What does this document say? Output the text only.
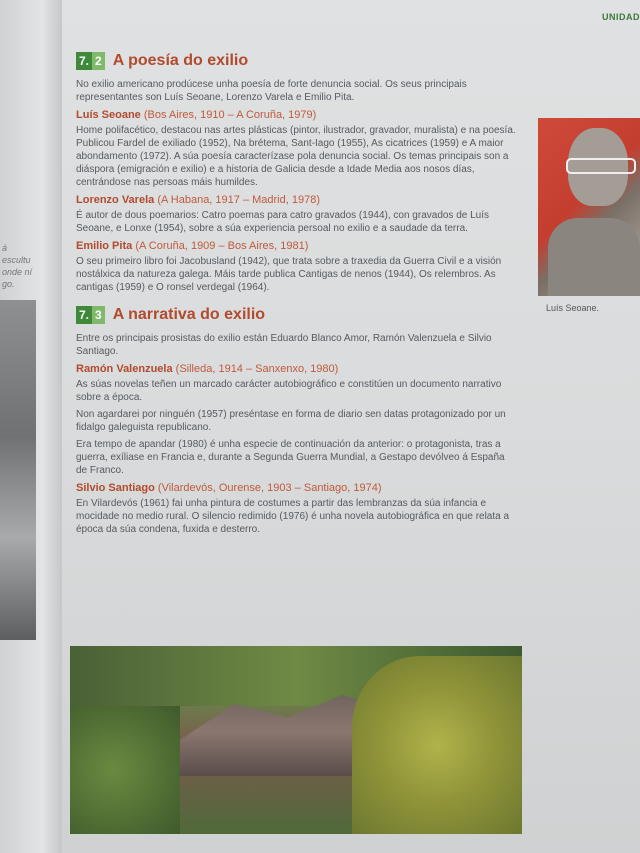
á
escultu
onde ní
go.
UNIDAD
7. 2 A poesía do exilio

No exilio americano prodúcese unha poesía de forte denuncia social. Os seus principais representantes son Luís Seoane, Lorenzo Varela e Emilio Pita.

Luís Seoane (Bos Aires, 1910 – A Coruña, 1979)

Home polifacético, destacou nas artes plásticas (pintor, ilustrador, gravador, muralista) e na poesía. Publicou Fardel de exiliado (1952), Na brétema, Sant-Iago (1955), As cicatrices (1959) e A maior abondamento (1972). A súa poesía caracterízase pola denuncia social. Os temas principais son a diáspora (emigración e exilio) e a historia de Galicia desde a Idade Media aos nosos días, centrándose nas persoas máis humildes.

Lorenzo Varela (A Habana, 1917 – Madrid, 1978)

É autor de dous poemarios: Catro poemas para catro gravados (1944), con gravados de Luís Seoane, e Lonxe (1954), sobre a súa experiencia persoal no exilio e a saudade da terra.

Emilio Pita (A Coruña, 1909 – Bos Aires, 1981)

O seu primeiro libro foi Jacobusland (1942), que trata sobre a traxedia da Guerra Civil e a visión nostálxica da natureza galega. Máis tarde publica Cantigas de nenos (1944), Os relembros. As cantigas (1959) e O ronsel verdegal (1964).

7. 3 A narrativa do exilio

Entre os principais prosistas do exilio están Eduardo Blanco Amor, Ramón Valenzuela e Silvio Santiago.

Ramón Valenzuela (Silleda, 1914 – Sanxenxo, 1980)

As súas novelas teñen un marcado carácter autobiográfico e constitúen un documento narrativo sobre a época.

Non agardarei por ninguén (1957) preséntase en forma de diario sen datas protagonizado por un fidalgo galeguista republicano.

Era tempo de apandar (1980) é unha especie de continuación da anterior: o protagonista, tras a guerra, exíliase en Francia e, durante a Segunda Guerra Mundial, a Gestapo devólveo á España de Franco.

Silvio Santiago (Vilardevós, Ourense, 1903 – Santiago, 1974)

En Vilardevós (1961) fai unha pintura de costumes a partir das lembranzas da súa infancia e mocidade no medio rural. O silencio redimido (1976) é unha novela autobiográfica en que relata a época da súa condena, fuxida e desterro.

Luís Seoane.
